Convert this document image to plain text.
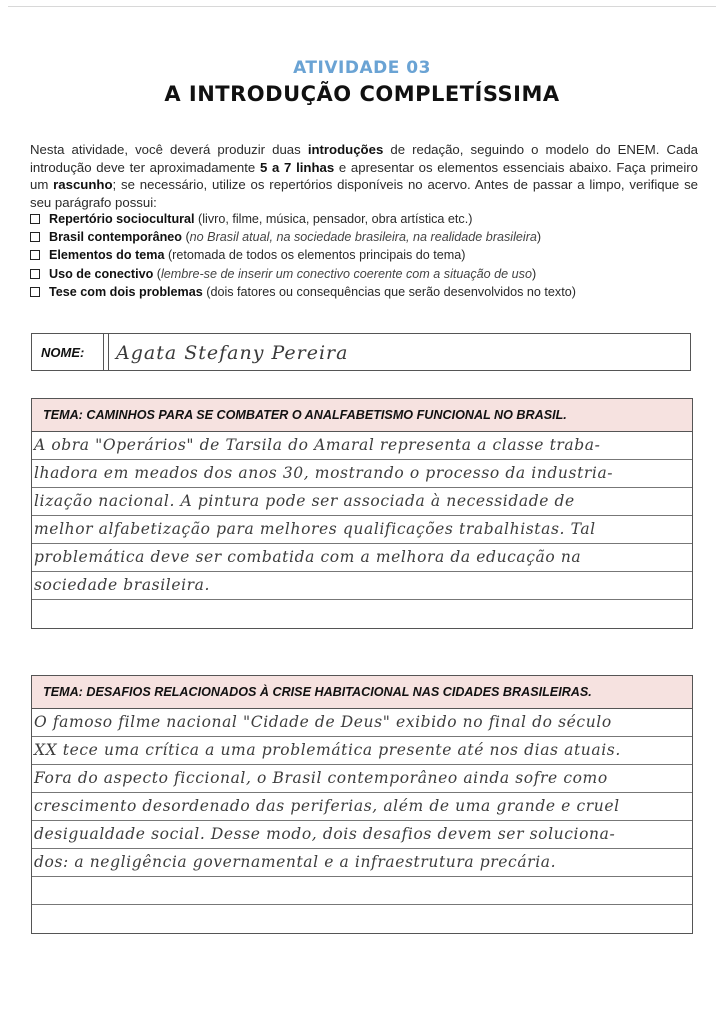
ATIVIDADE 03
A INTRODUÇÃO COMPLETÍSSIMA

Nesta atividade, você deverá produzir duas introduções de redação, seguindo o modelo do ENEM. Cada introdução deve ter aproximadamente 5 a 7 linhas e apresentar os elementos essenciais abaixo. Faça primeiro um rascunho; se necessário, utilize os repertórios disponíveis no acervo. Antes de passar a limpo, verifique se seu parágrafo possui:

Repertório sociocultural (livro, filme, música, pensador, obra artística etc.)
Brasil contemporâneo (no Brasil atual, na sociedade brasileira, na realidade brasileira)
Elementos do tema (retomada de todos os elementos principais do tema)
Uso de conectivo (lembre-se de inserir um conectivo coerente com a situação de uso)
Tese com dois problemas (dois fatores ou consequências que serão desenvolvidos no texto)
NOME:	Agata Stefany Pereira
TEMA: CAMINHOS PARA SE COMBATER O ANALFABETISMO FUNCIONAL NO BRASIL.
A obra "Operários" de Tarsila do Amaral representa a classe traba-
lhadora em meados dos anos 30, mostrando o processo da industria-
lização nacional. A pintura pode ser associada à necessidade de
melhor alfabetização para melhores qualificações trabalhistas. Tal
problemática deve ser combatida com a melhora da educação na
sociedade brasileira.
TEMA: DESAFIOS RELACIONADOS À CRISE HABITACIONAL NAS CIDADES BRASILEIRAS.
O famoso filme nacional "Cidade de Deus" exibido no final do século
XX tece uma crítica a uma problemática presente até nos dias atuais.
Fora do aspecto ficcional, o Brasil contemporâneo ainda sofre como
crescimento desordenado das periferias, além de uma grande e cruel
desigualdade social. Desse modo, dois desafios devem ser soluciona-
dos: a negligência governamental e a infraestrutura precária.
